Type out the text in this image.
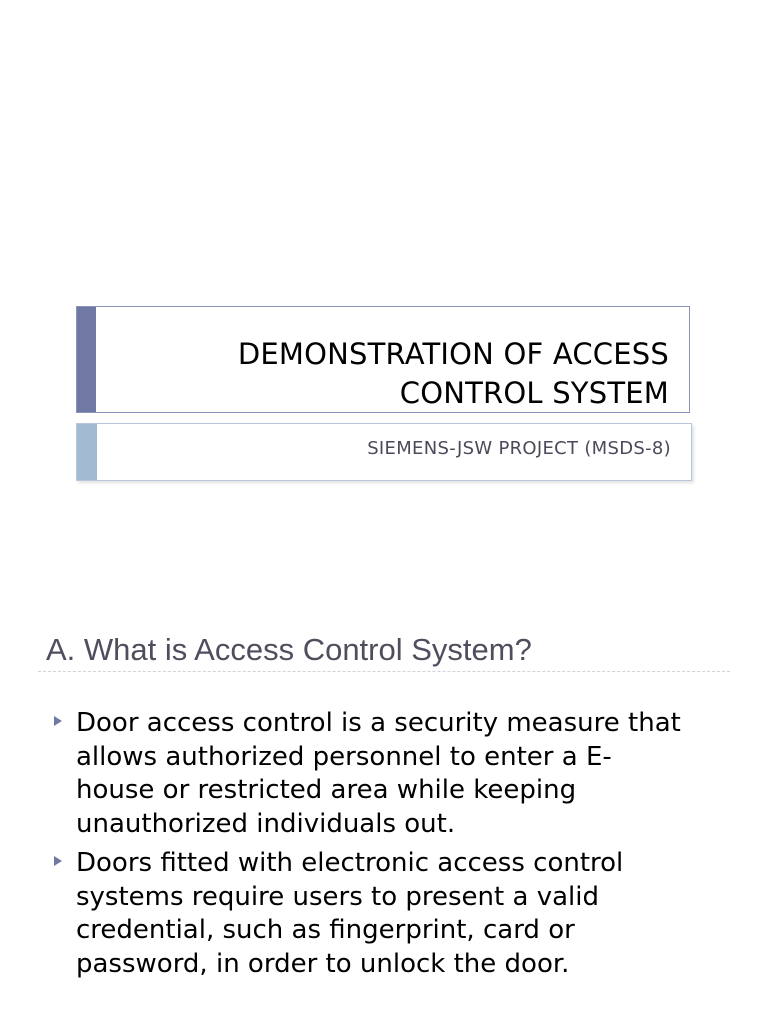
DEMONSTRATION OF ACCESS
CONTROL SYSTEM
SIEMENS-JSW PROJECT (MSDS-8)
A. What is Access Control System?
Door access control is a security measure that
allows authorized personnel to enter a E-
house or restricted area while keeping
unauthorized individuals out.
Doors fitted with electronic access control
systems require users to present a valid
credential, such as fingerprint, card or
password, in order to unlock the door.
